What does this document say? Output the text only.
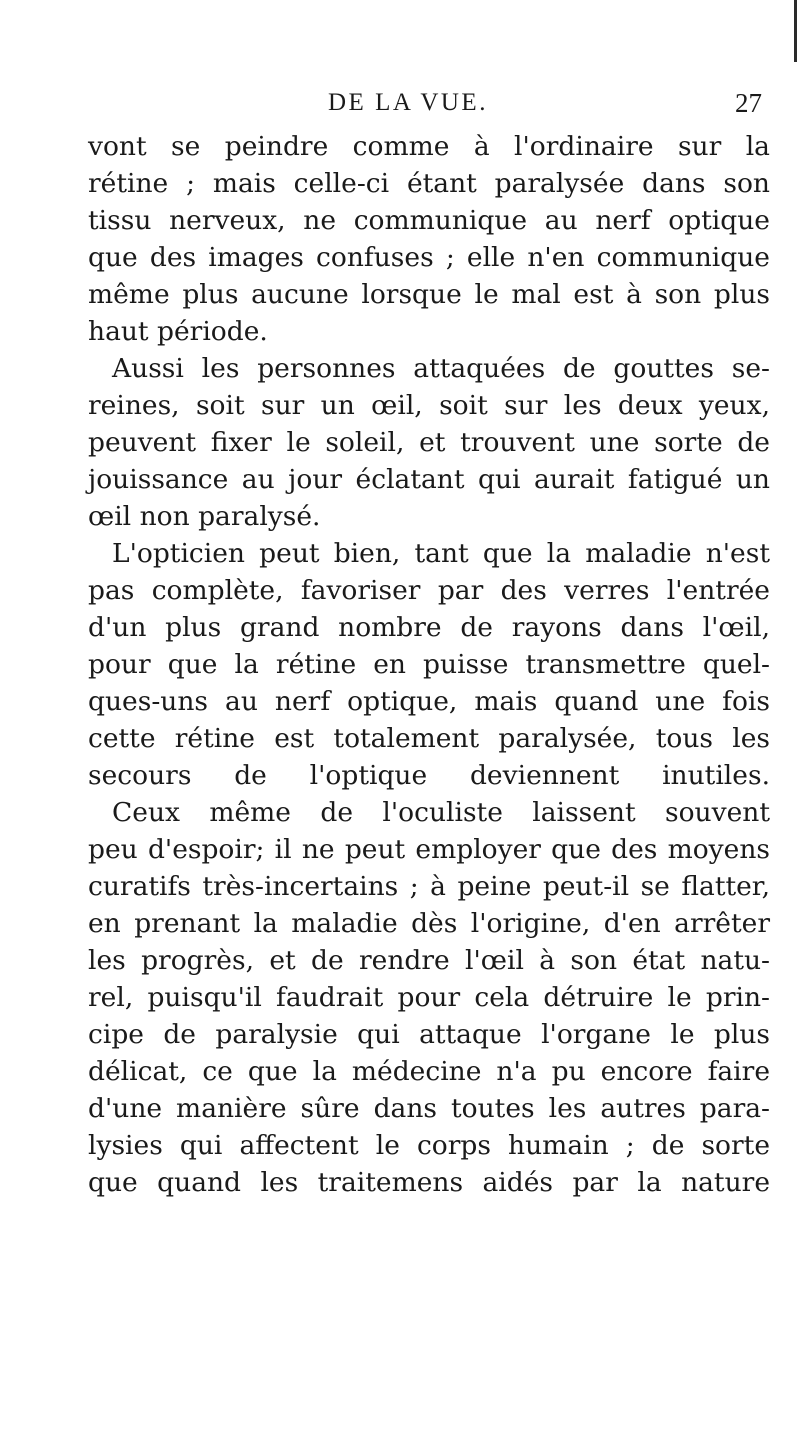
DE LA VUE.	27
vont se peindre comme à l'ordinaire sur la
rétine ; mais celle-ci étant paralysée dans son
tissu nerveux, ne communique au nerf optique
que des images confuses ; elle n'en communique
même plus aucune lorsque le mal est à son plus
haut période.
Aussi les personnes attaquées de gouttes se-
reines, soit sur un œil, soit sur les deux yeux,
peuvent fixer le soleil, et trouvent une sorte de
jouissance au jour éclatant qui aurait fatigué un
œil non paralysé.
L'opticien peut bien, tant que la maladie n'est
pas complète, favoriser par des verres l'entrée
d'un plus grand nombre de rayons dans l'œil,
pour que la rétine en puisse transmettre quel-
ques-uns au nerf optique, mais quand une fois
cette rétine est totalement paralysée, tous les
secours de l'optique deviennent inutiles.
Ceux même de l'oculiste laissent souvent
peu d'espoir; il ne peut employer que des moyens
curatifs très-incertains ; à peine peut-il se flatter,
en prenant la maladie dès l'origine, d'en arrêter
les progrès, et de rendre l'œil à son état natu-
rel, puisqu'il faudrait pour cela détruire le prin-
cipe de paralysie qui attaque l'organe le plus
délicat, ce que la médecine n'a pu encore faire
d'une manière sûre dans toutes les autres para-
lysies qui affectent le corps humain ; de sorte
que quand les traitemens aidés par la nature
